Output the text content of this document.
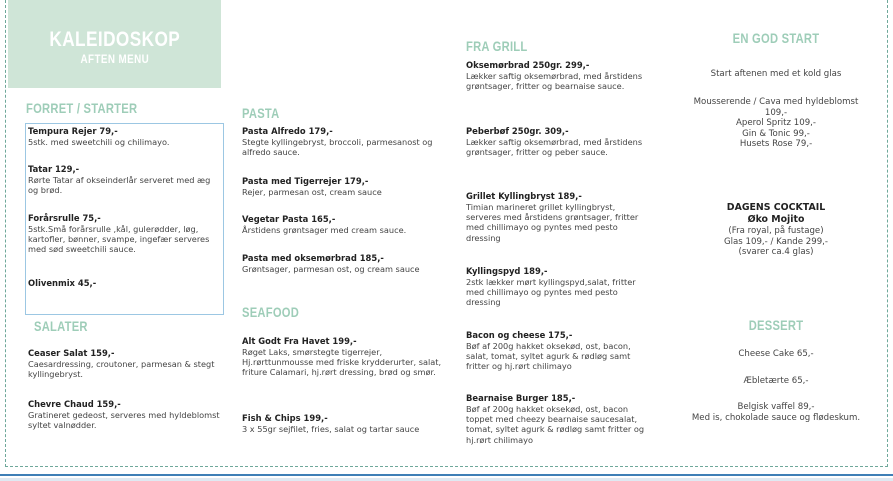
KALEIDOSKOP
AFTEN MENU
FORRET / STARTER
Tempura Rejer 79,-
5stk. med sweetchili og chilimayo.
Tatar 129,-
Rørte Tatar af okseinderlår serveret med æg og brød.
Forårsrulle 75,-
5stk.Små forårsrulle ,kål, gulerødder, løg, kartofler, bønner, svampe, ingefær serveres med sød sweetchili sauce.
Olivenmix 45,-
SALATER
Ceaser Salat 159,-
Caesardressing, croutoner, parmesan & stegt kyllingebryst.
Chevre Chaud 159,-
Gratineret gedeost, serveres med hyldeblomst syltet valnødder.
PASTA
Pasta Alfredo 179,-
Stegte kyllingebryst, broccoli, parmesanost og alfredo sauce.
Pasta med Tigerrejer 179,-
Rejer, parmesan ost, cream sauce
Vegetar Pasta 165,-
Årstidens grøntsager med cream sauce.
Pasta med oksemørbrad 185,-
Grøntsager, parmesan ost, og cream sauce
SEAFOOD
Alt Godt Fra Havet 199,-
Røget Laks, smørstegte tigerrejer, Hj.rørttunmousse med friske krydderurter, salat, friture Calamari, hj.rørt dressing, brød og smør.
Fish & Chips 199,-
3 x 55gr sejfilet, fries, salat og tartar sauce
FRA GRILL
Oksemørbrad 250gr. 299,-
Lækker saftig oksemørbrad, med årstidens grøntsager, fritter og bearnaise sauce.
Peberbøf 250gr. 309,-
Lækker saftig oksemørbrad, med årstidens grøntsager, fritter og peber sauce.
Grillet Kyllingbryst 189,-
Timian marineret grillet kyllingbryst, serveres med årstidens grøntsager, fritter med chillimayo og pyntes med pesto dressing
Kyllingspyd 189,-
2stk lækker mørt kyllingspyd,salat, fritter med chillimayo og pyntes med pesto dressing
Bacon og cheese 175,-
Bøf af 200g hakket oksekød, ost, bacon, salat, tomat, syltet agurk & rødløg samt fritter og hj.rørt chilimayo
Bearnaise Burger 185,-
Bøf af 200g hakket oksekød, ost, bacon toppet med cheezy bearnaise saucesalat, tomat, syltet agurk & rødløg samt fritter og hj.rørt chilimayo
EN GOD START
Start aftenen med et kold glas
Mousserende / Cava med hyldeblomst
109,-
Aperol Spritz 109,-
Gin & Tonic 99,-
Husets Rose 79,-
DAGENS COCKTAIL
Øko Mojito
(Fra royal, på fustage)
Glas 109,- / Kande 299,-
(svarer ca.4 glas)
DESSERT
Cheese Cake 65,-
Æbletærte 65,-
Belgisk vaffel 89,-
Med is, chokolade sauce og flødeskum.
